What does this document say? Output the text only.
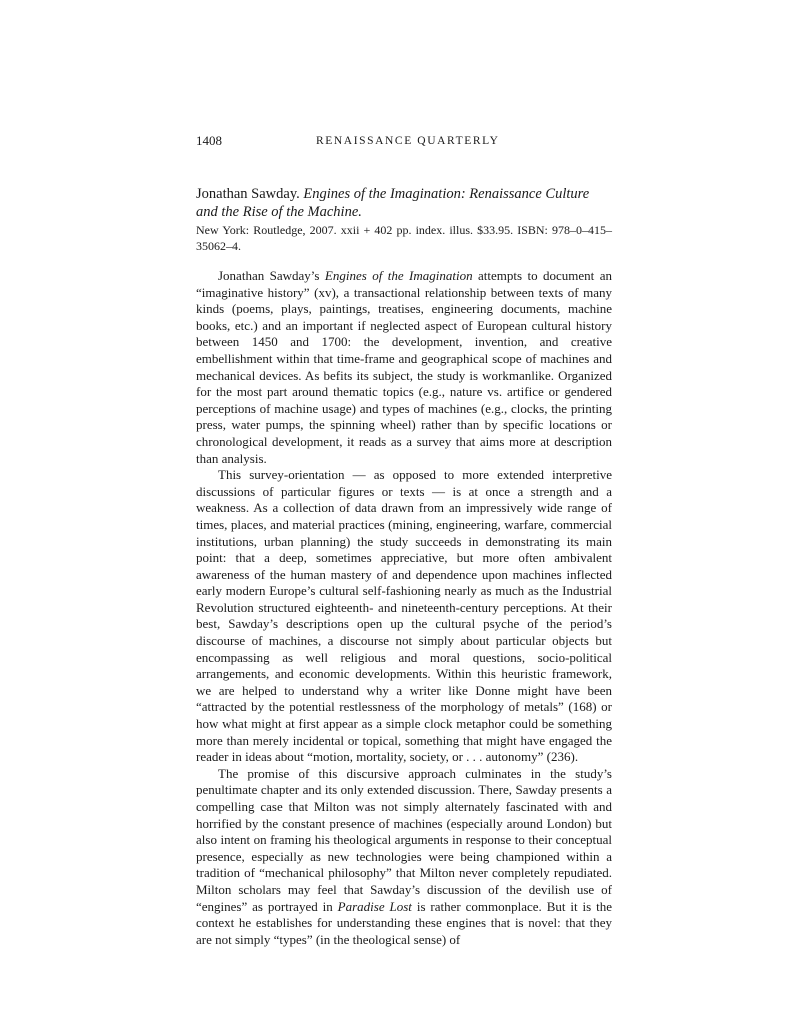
1408	RENAISSANCE QUARTERLY

Jonathan Sawday. Engines of the Imagination: Renaissance Culture and the Rise of the Machine.

New York: Routledge, 2007. xxii + 402 pp. index. illus. $33.95. ISBN: 978–0–415–35062–4.

Jonathan Sawday’s Engines of the Imagination attempts to document an “imaginative history” (xv), a transactional relationship between texts of many kinds (poems, plays, paintings, treatises, engineering documents, machine books, etc.) and an important if neglected aspect of European cultural history between 1450 and 1700: the development, invention, and creative embellishment within that time-frame and geographical scope of machines and mechanical devices. As befits its subject, the study is workmanlike. Organized for the most part around thematic topics (e.g., nature vs. artifice or gendered perceptions of machine usage) and types of machines (e.g., clocks, the printing press, water pumps, the spinning wheel) rather than by specific locations or chronological development, it reads as a survey that aims more at description than analysis.

This survey-orientation — as opposed to more extended interpretive discussions of particular figures or texts — is at once a strength and a weakness. As a collection of data drawn from an impressively wide range of times, places, and material practices (mining, engineering, warfare, commercial institutions, urban planning) the study succeeds in demonstrating its main point: that a deep, sometimes appreciative, but more often ambivalent awareness of the human mastery of and dependence upon machines inflected early modern Europe’s cultural self-fashioning nearly as much as the Industrial Revolution structured eighteenth- and nineteenth-century perceptions. At their best, Sawday’s descriptions open up the cultural psyche of the period’s discourse of machines, a discourse not simply about particular objects but encompassing as well religious and moral questions, socio-political arrangements, and economic developments. Within this heuristic framework, we are helped to understand why a writer like Donne might have been “attracted by the potential restlessness of the morphology of metals” (168) or how what might at first appear as a simple clock metaphor could be something more than merely incidental or topical, something that might have engaged the reader in ideas about “motion, mortality, society, or . . . autonomy” (236).

The promise of this discursive approach culminates in the study’s penultimate chapter and its only extended discussion. There, Sawday presents a compelling case that Milton was not simply alternately fascinated with and horrified by the constant presence of machines (especially around London) but also intent on framing his theological arguments in response to their conceptual presence, especially as new technologies were being championed within a tradition of “mechanical philosophy” that Milton never completely repudiated. Milton scholars may feel that Sawday’s discussion of the devilish use of “engines” as portrayed in Paradise Lost is rather commonplace. But it is the context he establishes for understanding these engines that is novel: that they are not simply “types” (in the theological sense) of
